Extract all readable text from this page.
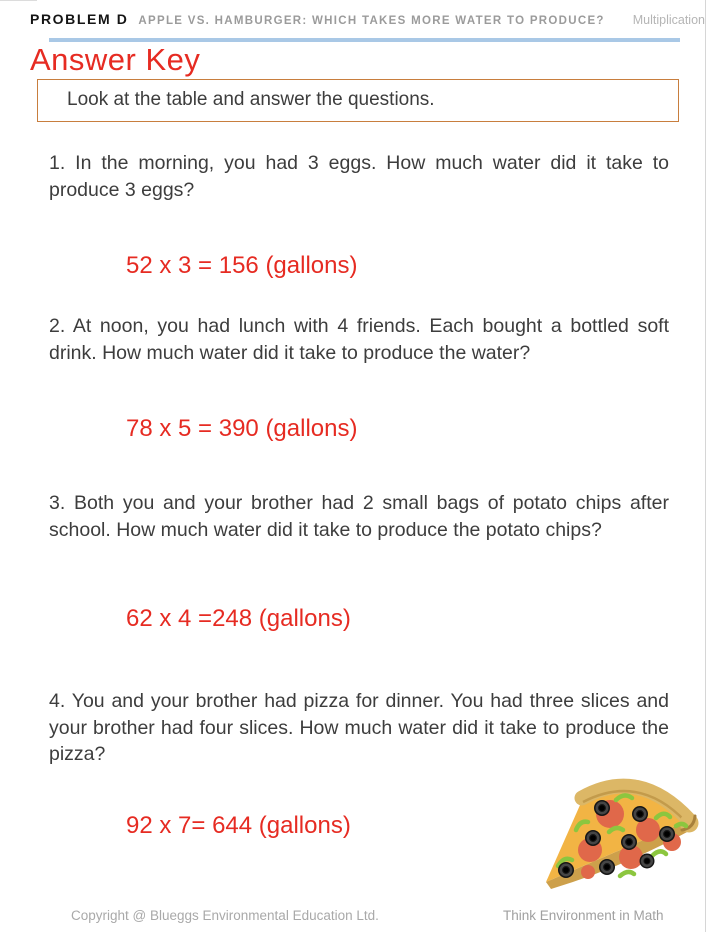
PROBLEM D APPLE VS. HAMBURGER: WHICH TAKES MORE WATER TO PRODUCE? Multiplication
Answer Key
Look at the table and answer the questions.

1. In the morning, you had 3 eggs. How much water did it take to produce 3 eggs?

52 x 3 = 156 (gallons)

2. At noon, you had lunch with 4 friends. Each bought a bottled soft drink. How much water did it take to produce the water?

78 x 5 = 390 (gallons)

3. Both you and your brother had 2 small bags of potato chips after school. How much water did it take to produce the potato chips?

62 x 4 =248 (gallons)

4. You and your brother had pizza for dinner. You had three slices and your brother had four slices. How much water did it take to produce the pizza?

92 x 7= 644 (gallons)

Copyright @ Blueggs Environmental Education Ltd.	Think Environment in Math
